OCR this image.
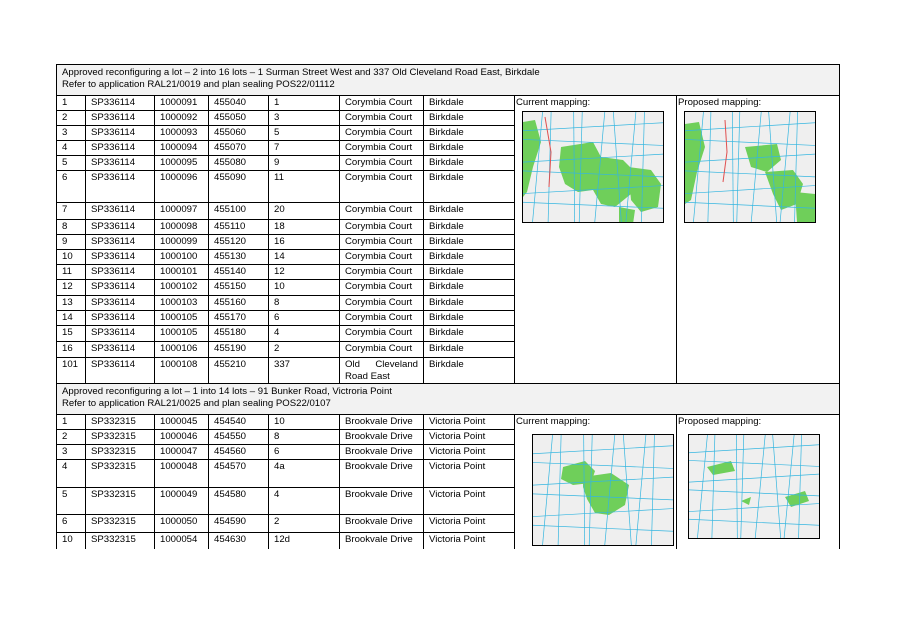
Approved reconfiguring a lot – 2 into 16 lots – 1 Surman Street West and 337 Old Cleveland Road East, Birkdale
Refer to application RAL21/0019 and plan sealing POS22/01112								

1	SP336114	1000091	455040	1	Corymbia Court	Birkdale	Current mapping:	Proposed mapping:

2	SP336114	1000092	455050	3	Corymbia Court	Birkdale		
3	SP336114	1000093	455060	5	Corymbia Court	Birkdale		
4	SP336114	1000094	455070	7	Corymbia Court	Birkdale		
5	SP336114	1000095	455080	9	Corymbia Court	Birkdale		
6	SP336114	1000096	455090	11	Corymbia Court	Birkdale		
7	SP336114	1000097	455100	20	Corymbia Court	Birkdale		
8	SP336114	1000098	455110	18	Corymbia Court	Birkdale		
9	SP336114	1000099	455120	16	Corymbia Court	Birkdale		
10	SP336114	1000100	455130	14	Corymbia Court	Birkdale		
11	SP336114	1000101	455140	12	Corymbia Court	Birkdale		
12	SP336114	1000102	455150	10	Corymbia Court	Birkdale		
13	SP336114	1000103	455160	8	Corymbia Court	Birkdale		
14	SP336114	1000105	455170	6	Corymbia Court	Birkdale		
15	SP336114	1000105	455180	4	Corymbia Court	Birkdale		
16	SP336114	1000106	455190	2	Corymbia Court	Birkdale		
101	SP336114	1000108	455210	337	Old Cleveland Road East	Birkdale		

Approved reconfiguring a lot – 1 into 14 lots – 91 Bunker Road, Victroria Point
Refer to application RAL21/0025 and plan sealing POS22/0107								

1	SP332315	1000045	454540	10	Brookvale Drive	Victoria Point	Current mapping:	Proposed mapping:

2	SP332315	1000046	454550	8	Brookvale Drive	Victoria Point		
3	SP332315	1000047	454560	6	Brookvale Drive	Victoria Point		
4	SP332315	1000048	454570	4a	Brookvale Drive	Victoria Point		
5	SP332315	1000049	454580	4	Brookvale Drive	Victoria Point		
6	SP332315	1000050	454590	2	Brookvale Drive	Victoria Point		
10	SP332315	1000054	454630	12d	Brookvale Drive	Victoria Point		
